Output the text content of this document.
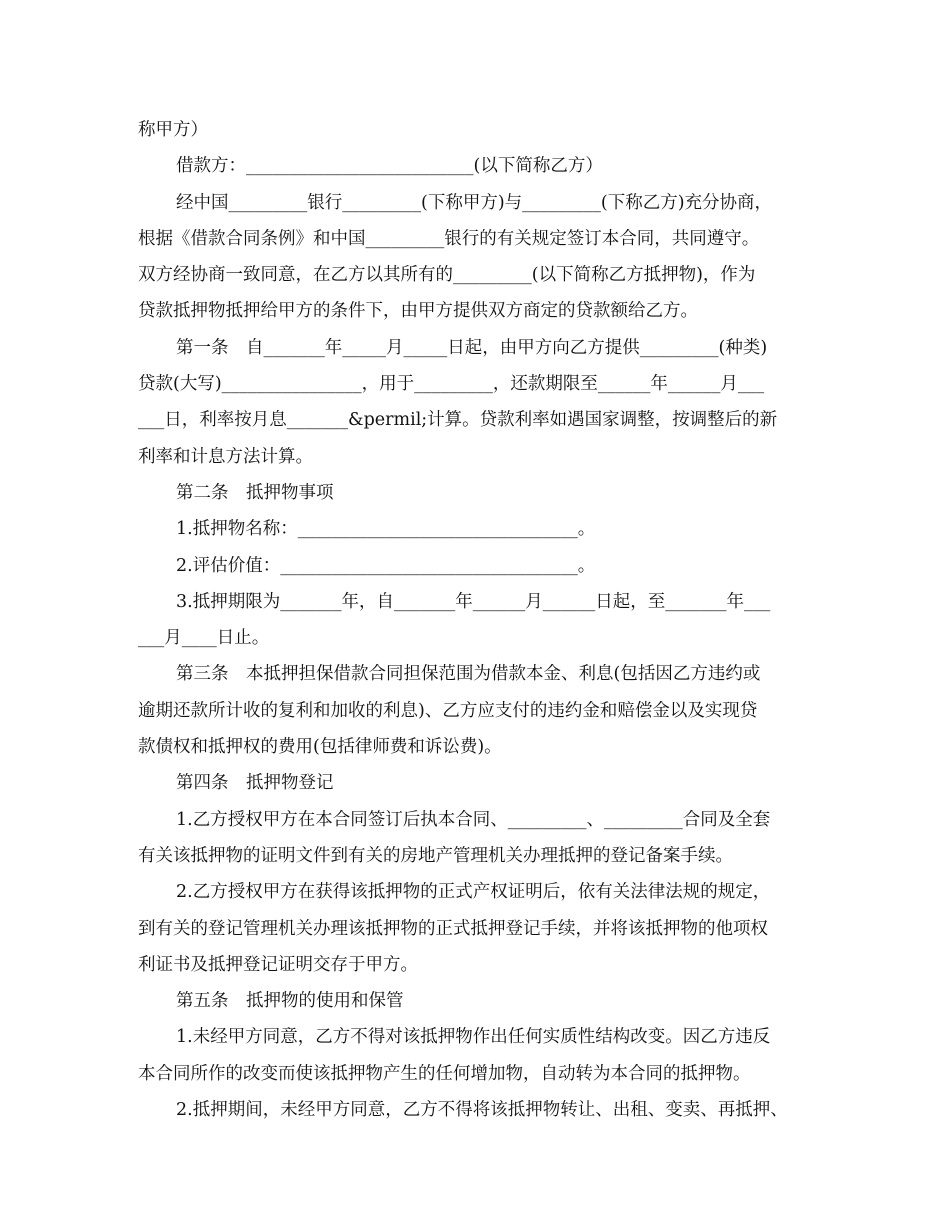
称甲方）
借款方：__________________________(以下简称乙方）
经中国_________银行_________(下称甲方)与_________(下称乙方)充分协商，
根据《借款合同条例》和中国_________银行的有关规定签订本合同，共同遵守。
双方经协商一致同意，在乙方以其所有的_________(以下简称乙方抵押物)，作为
贷款抵押物抵押给甲方的条件下，由甲方提供双方商定的贷款额给乙方。
第一条　自_______年_____月_____日起，由甲方向乙方提供_________(种类)
贷款(大写)________________，用于_________，还款期限至______年______月___
___日，利率按月息_______&permil;计算。贷款利率如遇国家调整，按调整后的新
利率和计息方法计算。
第二条　抵押物事项
1.抵押物名称：________________________________。
2.评估价值：__________________________________。
3.抵押期限为_______年，自_______年______月______日起，至_______年___
___月____日止。
第三条　本抵押担保借款合同担保范围为借款本金、利息(包括因乙方违约或
逾期还款所计收的复利和加收的利息)、乙方应支付的违约金和赔偿金以及实现贷
款债权和抵押权的费用(包括律师费和诉讼费)。
第四条　抵押物登记
1.乙方授权甲方在本合同签订后执本合同、_________、_________合同及全套
有关该抵押物的证明文件到有关的房地产管理机关办理抵押的登记备案手续。
2.乙方授权甲方在获得该抵押物的正式产权证明后，依有关法律法规的规定，
到有关的登记管理机关办理该抵押物的正式抵押登记手续，并将该抵押物的他项权
利证书及抵押登记证明交存于甲方。
第五条　抵押物的使用和保管
1.未经甲方同意，乙方不得对该抵押物作出任何实质性结构改变。因乙方违反
本合同所作的改变而使该抵押物产生的任何增加物，自动转为本合同的抵押物。
2.抵押期间，未经甲方同意，乙方不得将该抵押物转让、出租、变卖、再抵押、
